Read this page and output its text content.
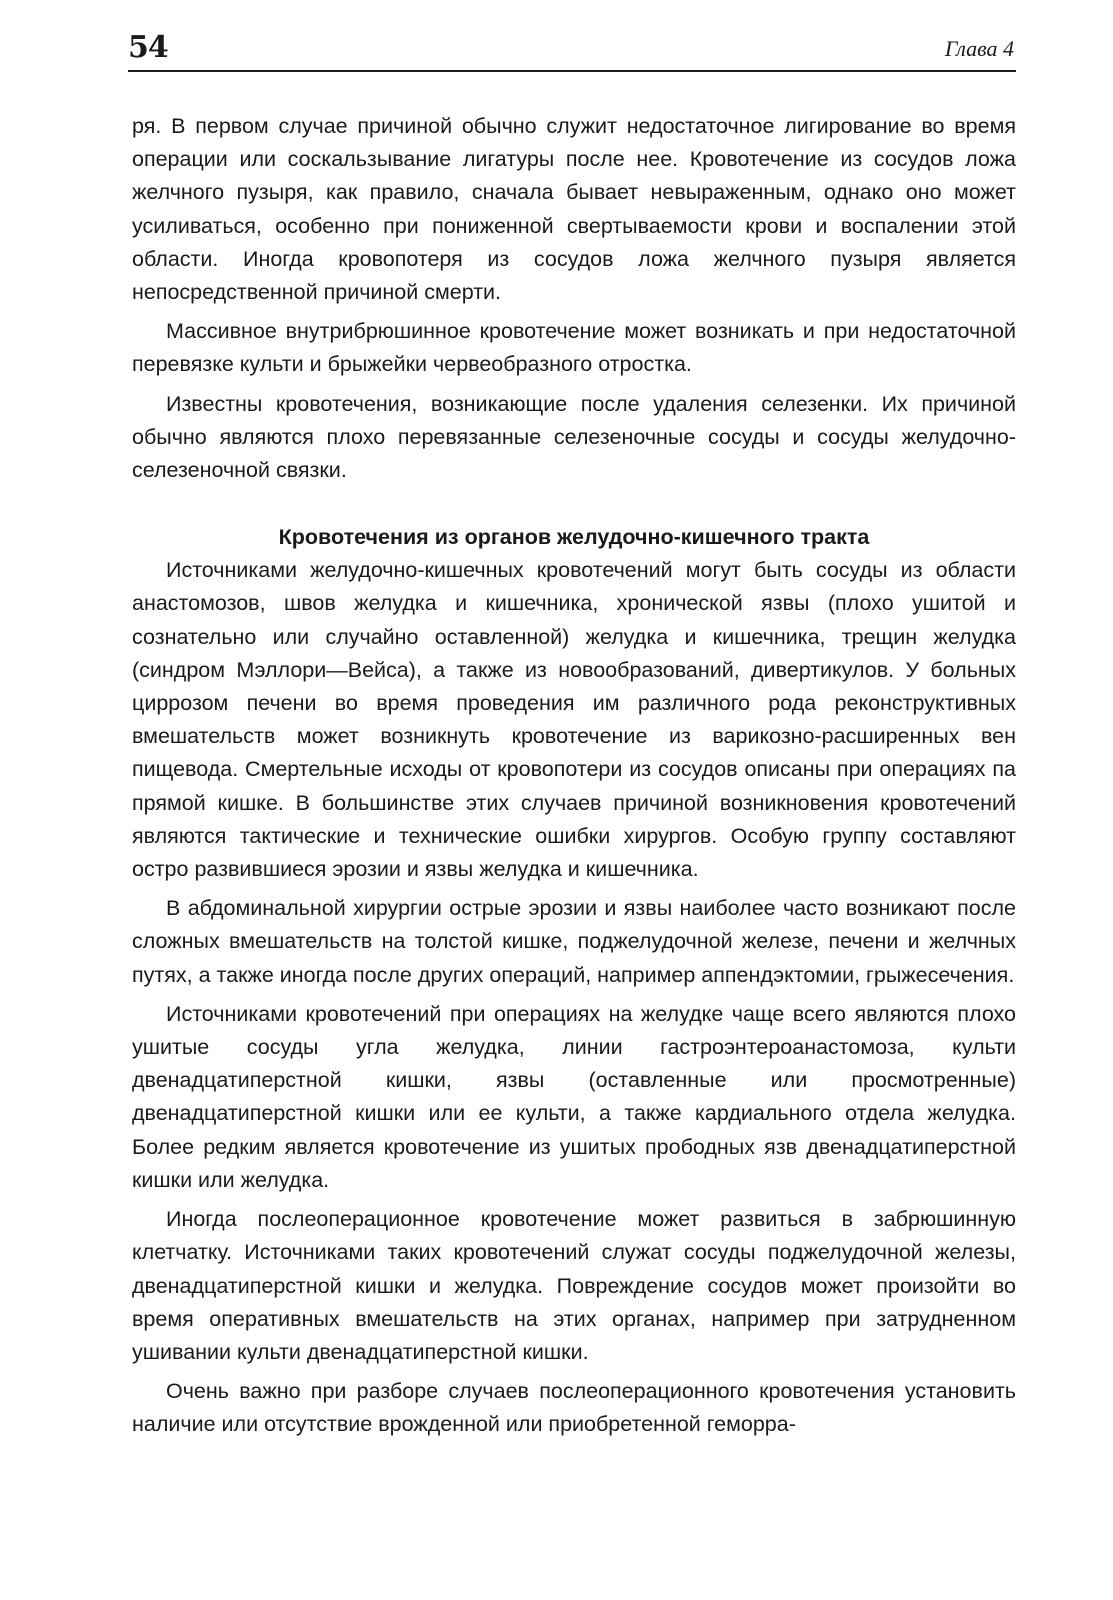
54	Глава 4

ря. В первом случае причиной обычно служит недостаточное лигирование во время операции или соскальзывание лигатуры после нее. Кровотечение из сосудов ложа желчного пузыря, как правило, сначала бывает невыраженным, однако оно может усиливаться, особенно при пониженной свертываемости крови и воспалении этой области. Иногда кровопотеря из сосудов ложа желчного пузыря является непосредственной причиной смерти.

Массивное внутрибрюшинное кровотечение может возникать и при недостаточной перевязке культи и брыжейки червеобразного отростка.

Известны кровотечения, возникающие после удаления селезенки. Их причиной обычно являются плохо перевязанные селезеночные сосуды и сосуды желудочно-селезеночной связки.

Кровотечения из органов желудочно-кишечного тракта

Источниками желудочно-кишечных кровотечений могут быть сосуды из области анастомозов, швов желудка и кишечника, хронической язвы (плохо ушитой и сознательно или случайно оставленной) желудка и кишечника, трещин желудка (синдром Мэллори—Вейса), а также из новообразований, дивертикулов. У больных циррозом печени во время проведения им различного рода реконструктивных вмешательств может возникнуть кровотечение из варикозно-расширенных вен пищевода. Смертельные исходы от кровопотери из сосудов описаны при операциях па прямой кишке. В большинстве этих случаев причиной возникновения кровотечений являются тактические и технические ошибки хирургов. Особую группу составляют остро развившиеся эрозии и язвы желудка и кишечника.

В абдоминальной хирургии острые эрозии и язвы наиболее часто возникают после сложных вмешательств на толстой кишке, поджелудочной железе, печени и желчных путях, а также иногда после других операций, например аппендэктомии, грыжесечения.

Источниками кровотечений при операциях на желудке чаще всего являются плохо ушитые сосуды угла желудка, линии гастроэнтероанастомоза, культи двенадцатиперстной кишки, язвы (оставленные или просмотренные) двенадцатиперстной кишки или ее культи, а также кардиального отдела желудка. Более редким является кровотечение из ушитых прободных язв двенадцатиперстной кишки или желудка.

Иногда послеоперационное кровотечение может развиться в забрюшинную клетчатку. Источниками таких кровотечений служат сосуды поджелудочной железы, двенадцатиперстной кишки и желудка. Повреждение сосудов может произойти во время оперативных вмешательств на этих органах, например при затрудненном ушивании культи двенадцатиперстной кишки.

Очень важно при разборе случаев послеоперационного кровотечения установить наличие или отсутствие врожденной или приобретенной геморра-
